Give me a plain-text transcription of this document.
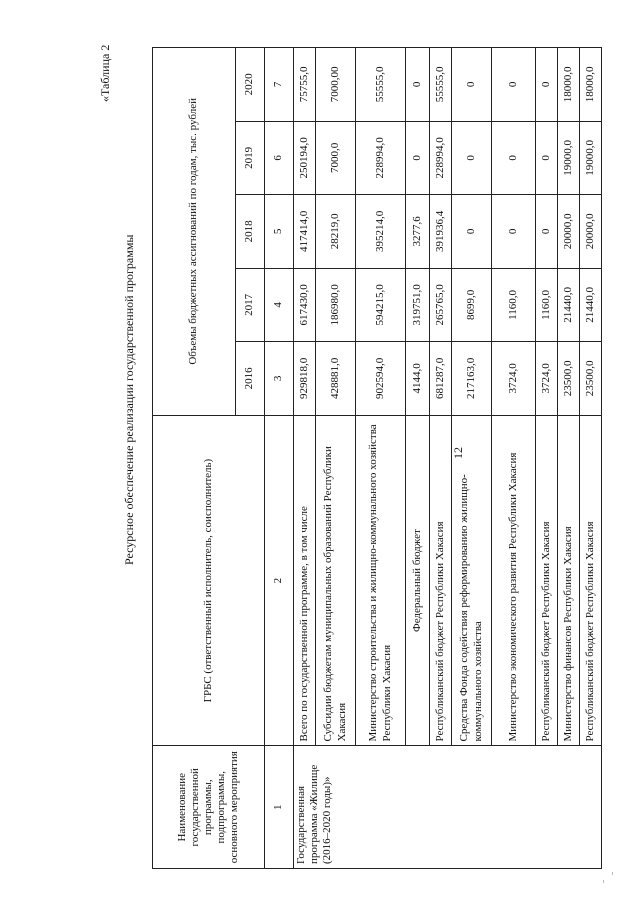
12
«Таблица 2
Ресурсное обеспечение реализации государственной программы
Наименование государственной программы, подпрограммы, основного мероприятия	ГРБС (ответственный исполнитель, соисполнитель)	Объемы бюджетных ассигнований по годам, тыс. рублей				
		2016	2017	2018	2019	2020
1	2	3	4	5	6	7
Государственная программа «Жилище (2016–2020 годы)»	Всего по государственной программе, в том числе	929818,0	617430,0	417414,0	250194,0	75755,0
	Субсидии бюджетам муниципальных образований Республики Хакасия	428881,0	186980,0	28219,0	7000,0	7000,00
	Министерство строительства и жилищно-коммунального хозяйства Республики Хакасия	902594,0	594215,0	395214,0	228994,0	55555,0
	Федеральный бюджет	4144,0	319751,0	3277,6	0	0
	Республиканский бюджет Республики Хакасия	681287,0	265765,0	391936,4	228994,0	55555,0
	Средства Фонда содействия реформированию жилищно-коммунального хозяйства	217163,0	8699,0	0	0	0
	Министерство экономического развития Республики Хакасия	3724,0	1160,0	0	0	0
	Республиканский бюджет Республики Хакасия	3724,0	1160,0	0	0	0
	Министерство финансов Республики Хакасия	23500,0	21440,0	20000,0	19000,0	18000,0
	Республиканский бюджет Республики Хакасия	23500,0	21440,0	20000,0	19000,0	18000,0
